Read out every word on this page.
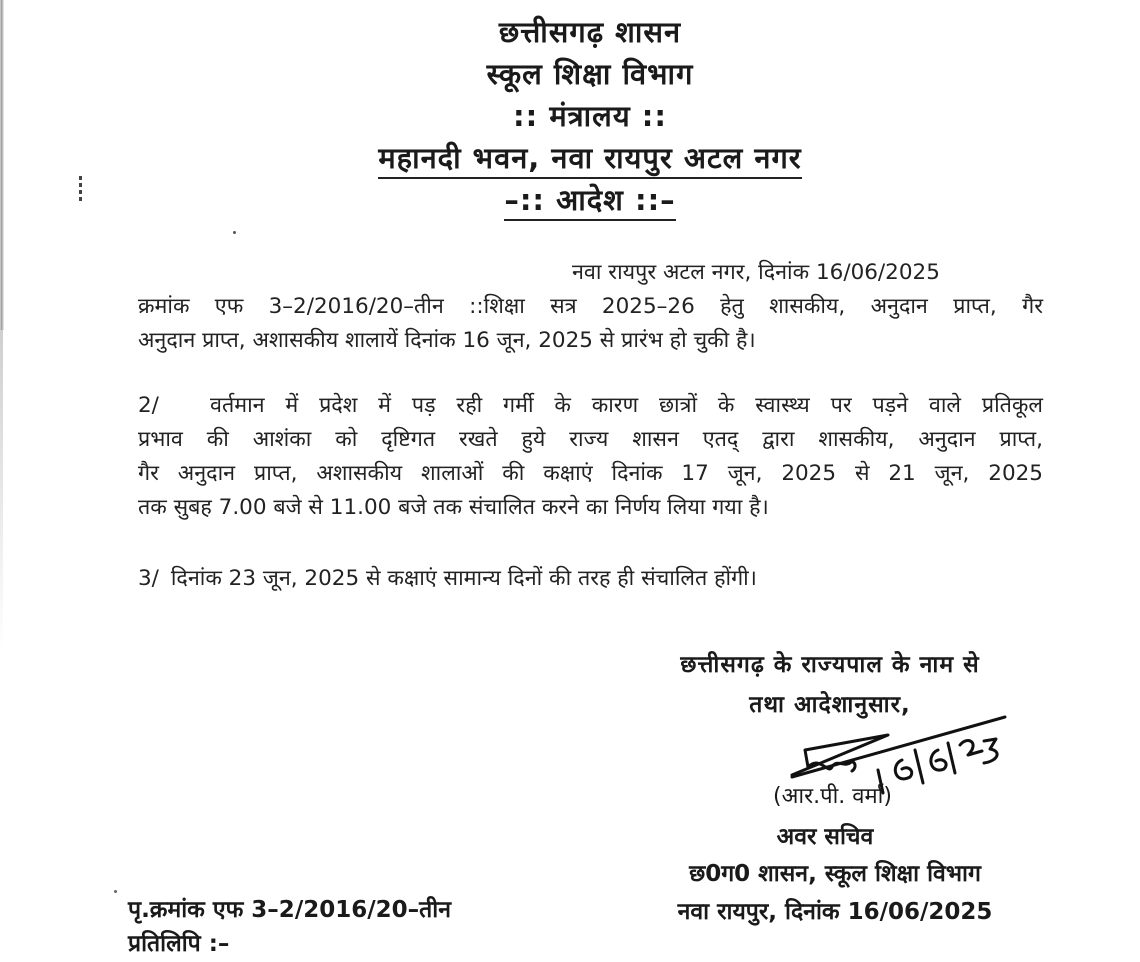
छत्तीसगढ़ शासन
स्कूल शिक्षा विभाग
:: मंत्रालय ::
महानदी भवन, नवा रायपुर अटल नगर
–:: आदेश ::–
नवा रायपुर अटल नगर, दिनांक 16/06/2025
क्रमांक एफ 3–2/2016/20–तीन ::शिक्षा सत्र 2025–26 हेतु शासकीय, अनुदान प्राप्त, गैर
अनुदान प्राप्त, अशासकीय शालायें दिनांक 16 जून, 2025 से प्रारंभ हो चुकी है।
2/ वर्तमान में प्रदेश में पड़ रही गर्मी के कारण छात्रों के स्वास्थ्य पर पड़ने वाले प्रतिकूल
प्रभाव की आशंका को दृष्टिगत रखते हुये राज्य शासन एतद् द्वारा शासकीय, अनुदान प्राप्त,
गैर अनुदान प्राप्त, अशासकीय शालाओं की कक्षाएं दिनांक 17 जून, 2025 से 21 जून, 2025
तक सुबह 7.00 बजे से 11.00 बजे तक संचालित करने का निर्णय लिया गया है।
3/ दिनांक 23 जून, 2025 से कक्षाएं सामान्य दिनों की तरह ही संचालित होंगी।
छत्तीसगढ़ के राज्यपाल के नाम से
तथा आदेशानुसार,
(आर.पी. वर्मा)
अवर सचिव
छ0ग0 शासन, स्कूल शिक्षा विभाग
नवा रायपुर, दिनांक 16/06/2025
पृ.क्रमांक एफ 3–2/2016/20–तीन
प्रतिलिपि :–
